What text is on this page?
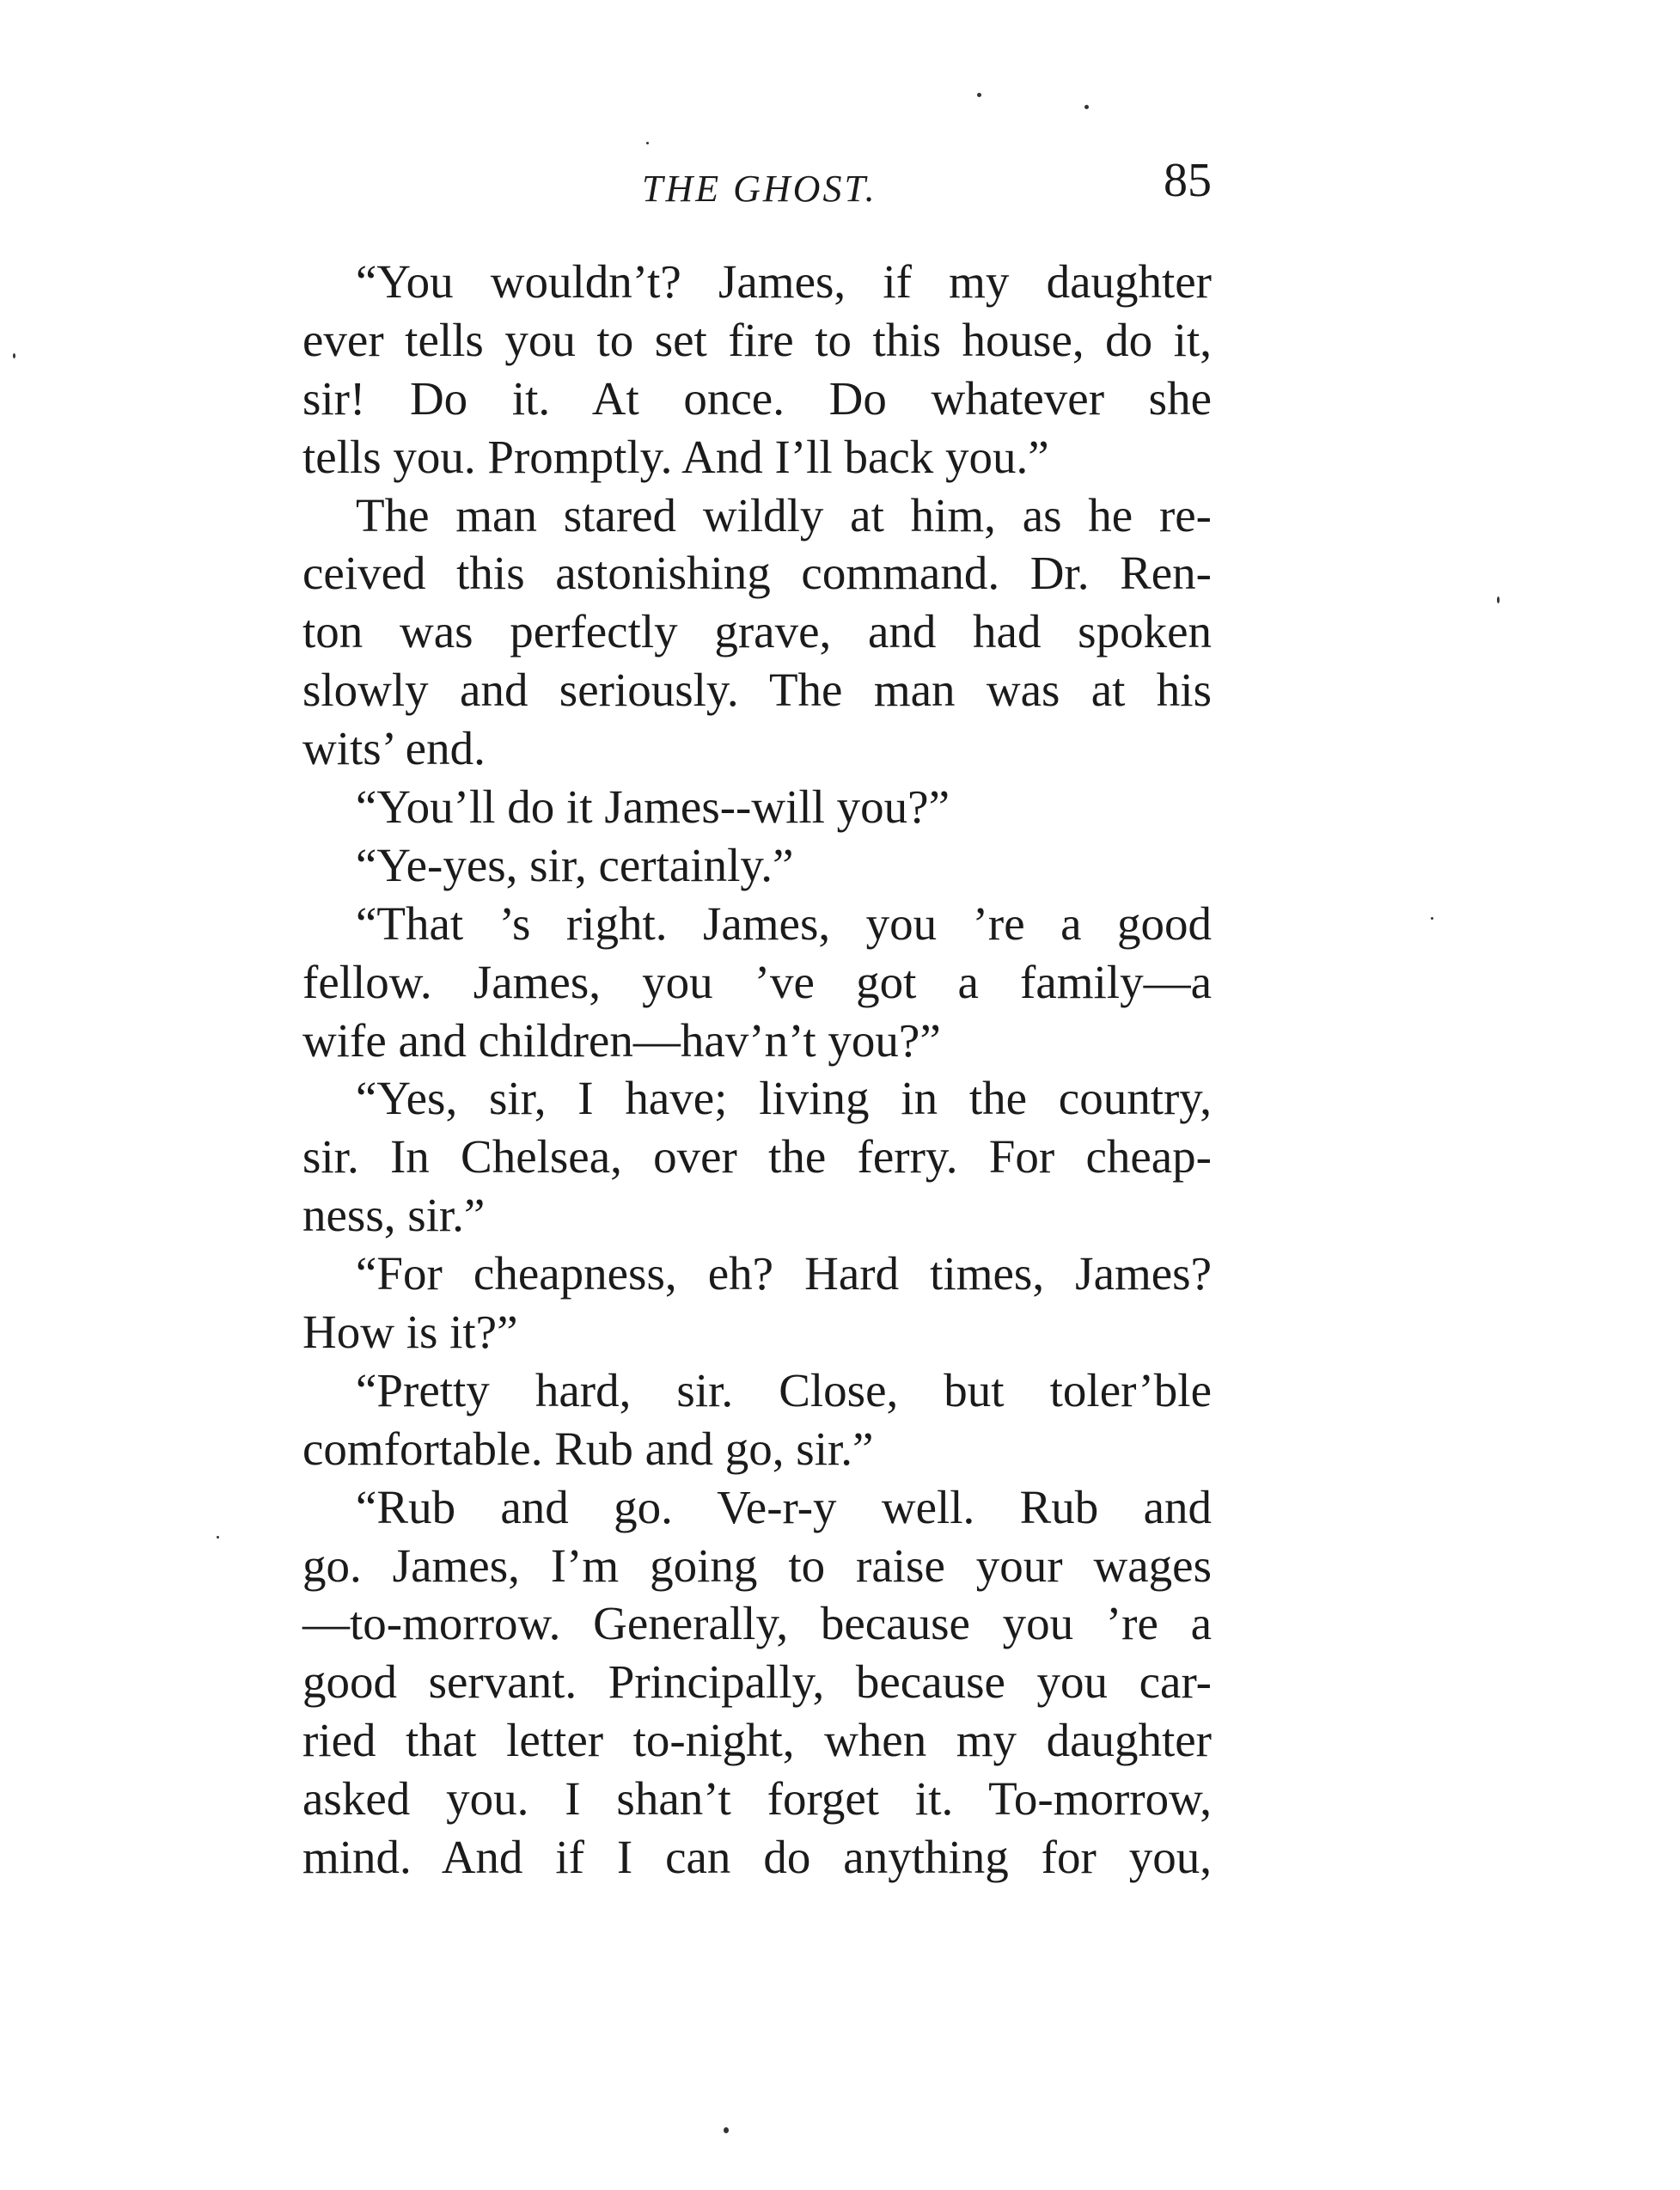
THE GHOST.	85
“You wouldn’t? James, if my daughter
ever tells you to set fire to this house, do it,
sir! Do it. At once. Do whatever she
tells you. Promptly. And I’ll back you.”
The man stared wildly at him, as he re-
ceived this astonishing command. Dr. Ren-
ton was perfectly grave, and had spoken
slowly and seriously. The man was at his
wits’ end.
“You’ll do it James--will you?”
“Ye-yes, sir, certainly.”
“That ’s right. James, you ’re a good
fellow. James, you ’ve got a family—a
wife and children—hav’n’t you?”
“Yes, sir, I have; living in the country,
sir. In Chelsea, over the ferry. For cheap-
ness, sir.”
“For cheapness, eh? Hard times, James?
How is it?”
“Pretty hard, sir. Close, but toler’ble
comfortable. Rub and go, sir.”
“Rub and go. Ve-r-y well. Rub and
go. James, I’m going to raise your wages
—to-morrow. Generally, because you ’re a
good servant. Principally, because you car-
ried that letter to-night, when my daughter
asked you. I shan’t forget it. To-morrow,
mind. And if I can do anything for you,
